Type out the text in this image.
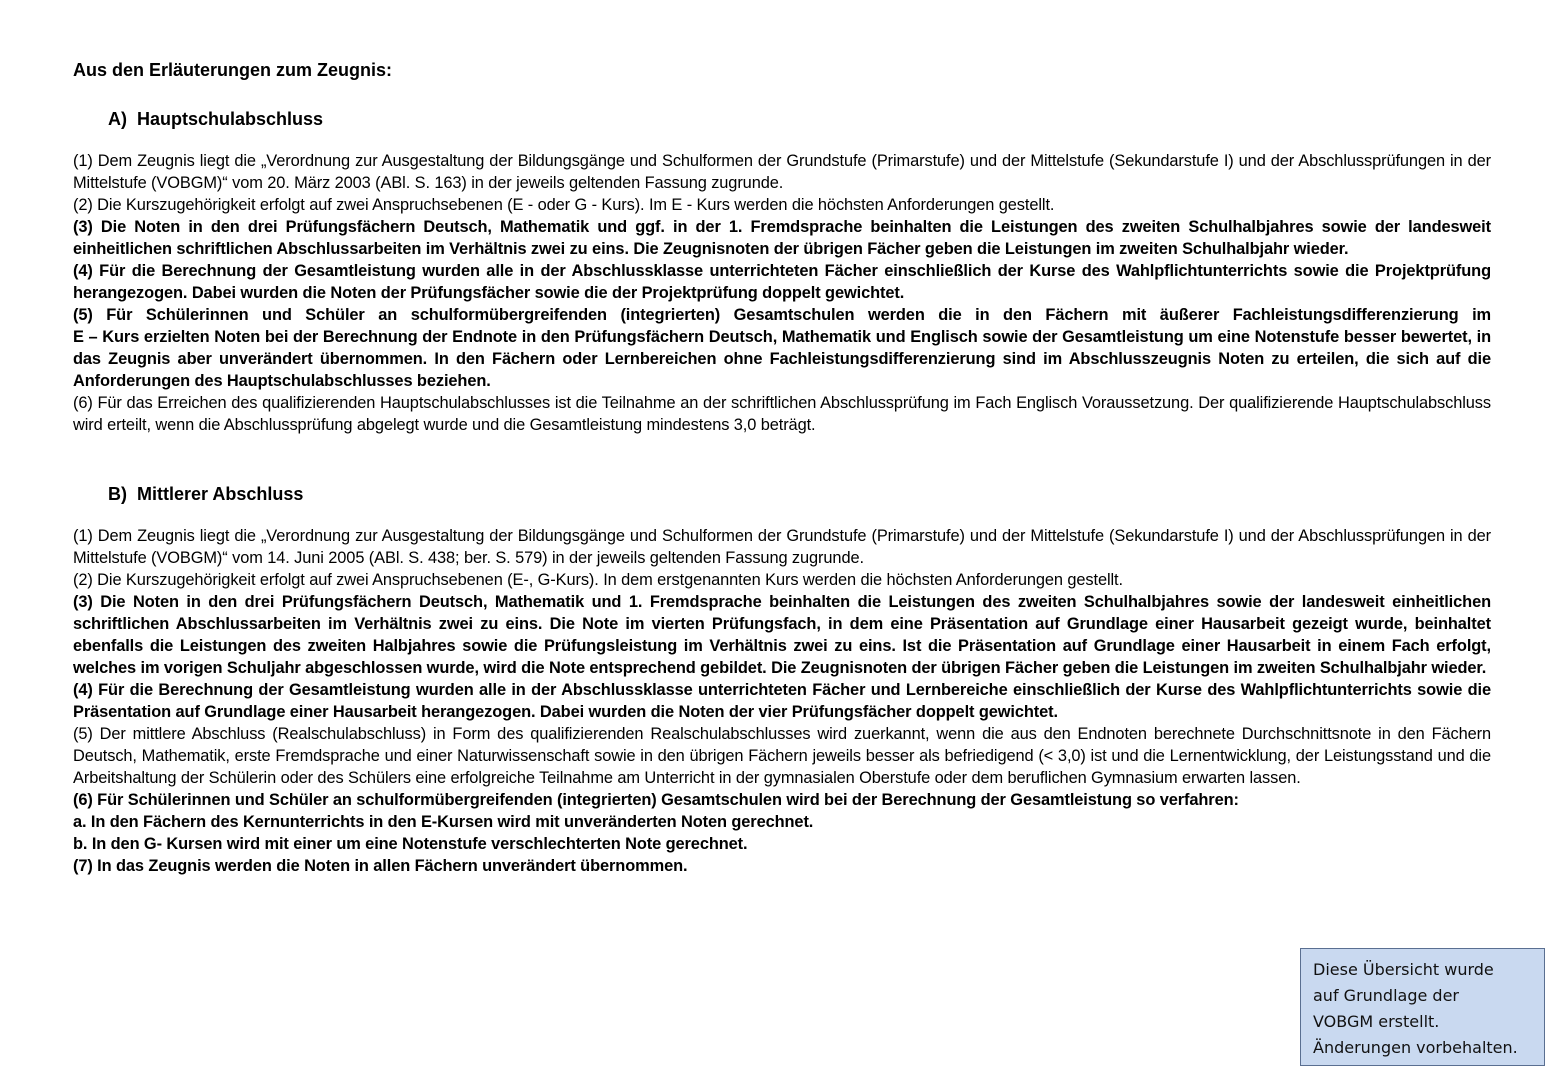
Aus den Erläuterungen zum Zeugnis:
A) Hauptschulabschluss

(1) Dem Zeugnis liegt die „Verordnung zur Ausgestaltung der Bildungsgänge und Schulformen der Grundstufe (Primarstufe) und der Mittelstufe (Sekundarstufe I) und der Abschlussprüfungen in der Mittelstufe (VOBGM)“ vom 20. März 2003 (ABl. S. 163) in der jeweils geltenden Fassung zugrunde.

(2) Die Kurszugehörigkeit erfolgt auf zwei Anspruchsebenen (E - oder G - Kurs). Im E - Kurs werden die höchsten Anforderungen gestellt.

(3) Die Noten in den drei Prüfungsfächern Deutsch, Mathematik und ggf. in der 1. Fremdsprache beinhalten die Leistungen des zweiten Schulhalbjahres sowie der landesweit einheitlichen schriftlichen Abschlussarbeiten im Verhältnis zwei zu eins. Die Zeugnisnoten der übrigen Fächer geben die Leistungen im zweiten Schulhalbjahr wieder.

(4) Für die Berechnung der Gesamtleistung wurden alle in der Abschlussklasse unterrichteten Fächer einschließlich der Kurse des Wahlpflichtunterrichts sowie die Projektprüfung herangezogen. Dabei wurden die Noten der Prüfungsfächer sowie die der Projektprüfung doppelt gewichtet.

(5) Für Schülerinnen und Schüler an schulformübergreifenden (integrierten) Gesamtschulen werden die in den Fächern mit äußerer Fachleistungsdifferenzierung im

E – Kurs erzielten Noten bei der Berechnung der Endnote in den Prüfungsfächern Deutsch, Mathematik und Englisch sowie der Gesamtleistung um eine Notenstufe besser bewertet, in das Zeugnis aber unverändert übernommen. In den Fächern oder Lernbereichen ohne Fachleistungsdifferenzierung sind im Abschlusszeugnis Noten zu erteilen, die sich auf die Anforderungen des Hauptschulabschlusses beziehen.

(6) Für das Erreichen des qualifizierenden Hauptschulabschlusses ist die Teilnahme an der schriftlichen Abschlussprüfung im Fach Englisch Voraussetzung. Der qualifizierende Hauptschulabschluss wird erteilt, wenn die Abschlussprüfung abgelegt wurde und die Gesamtleistung mindestens 3,0 beträgt.

B) Mittlerer Abschluss

(1) Dem Zeugnis liegt die „Verordnung zur Ausgestaltung der Bildungsgänge und Schulformen der Grundstufe (Primarstufe) und der Mittelstufe (Sekundarstufe I) und der Abschlussprüfungen in der Mittelstufe (VOBGM)“ vom 14. Juni 2005 (ABl. S. 438; ber. S. 579) in der jeweils geltenden Fassung zugrunde.

(2) Die Kurszugehörigkeit erfolgt auf zwei Anspruchsebenen (E-, G-Kurs). In dem erstgenannten Kurs werden die höchsten Anforderungen gestellt.

(3) Die Noten in den drei Prüfungsfächern Deutsch, Mathematik und 1. Fremdsprache beinhalten die Leistungen des zweiten Schulhalbjahres sowie der landesweit einheitlichen schriftlichen Abschlussarbeiten im Verhältnis zwei zu eins. Die Note im vierten Prüfungsfach, in dem eine Präsentation auf Grundlage einer Hausarbeit gezeigt wurde, beinhaltet ebenfalls die Leistungen des zweiten Halbjahres sowie die Prüfungsleistung im Verhältnis zwei zu eins. Ist die Präsentation auf Grundlage einer Hausarbeit in einem Fach erfolgt, welches im vorigen Schuljahr abgeschlossen wurde, wird die Note entsprechend gebildet. Die Zeugnisnoten der übrigen Fächer geben die Leistungen im zweiten Schulhalbjahr wieder.

(4) Für die Berechnung der Gesamtleistung wurden alle in der Abschlussklasse unterrichteten Fächer und Lernbereiche einschließlich der Kurse des Wahlpflichtunterrichts sowie die Präsentation auf Grundlage einer Hausarbeit herangezogen. Dabei wurden die Noten der vier Prüfungsfächer doppelt gewichtet.

(5) Der mittlere Abschluss (Realschulabschluss) in Form des qualifizierenden Realschulabschlusses wird zuerkannt, wenn die aus den Endnoten berechnete Durchschnittsnote in den Fächern Deutsch, Mathematik, erste Fremdsprache und einer Naturwissenschaft sowie in den übrigen Fächern jeweils besser als befriedigend (< 3,0) ist und die Lernentwicklung, der Leistungsstand und die Arbeitshaltung der Schülerin oder des Schülers eine erfolgreiche Teilnahme am Unterricht in der gymnasialen Oberstufe oder dem beruflichen Gymnasium erwarten lassen.

(6) Für Schülerinnen und Schüler an schulformübergreifenden (integrierten) Gesamtschulen wird bei der Berechnung der Gesamtleistung so verfahren:

a. In den Fächern des Kernunterrichts in den E-Kursen wird mit unveränderten Noten gerechnet.

b. In den G- Kursen wird mit einer um eine Notenstufe verschlechterten Note gerechnet.

(7) In das Zeugnis werden die Noten in allen Fächern unverändert übernommen.

Diese Übersicht wurde
auf Grundlage der
VOBGM erstellt.
Änderungen vorbehalten.
